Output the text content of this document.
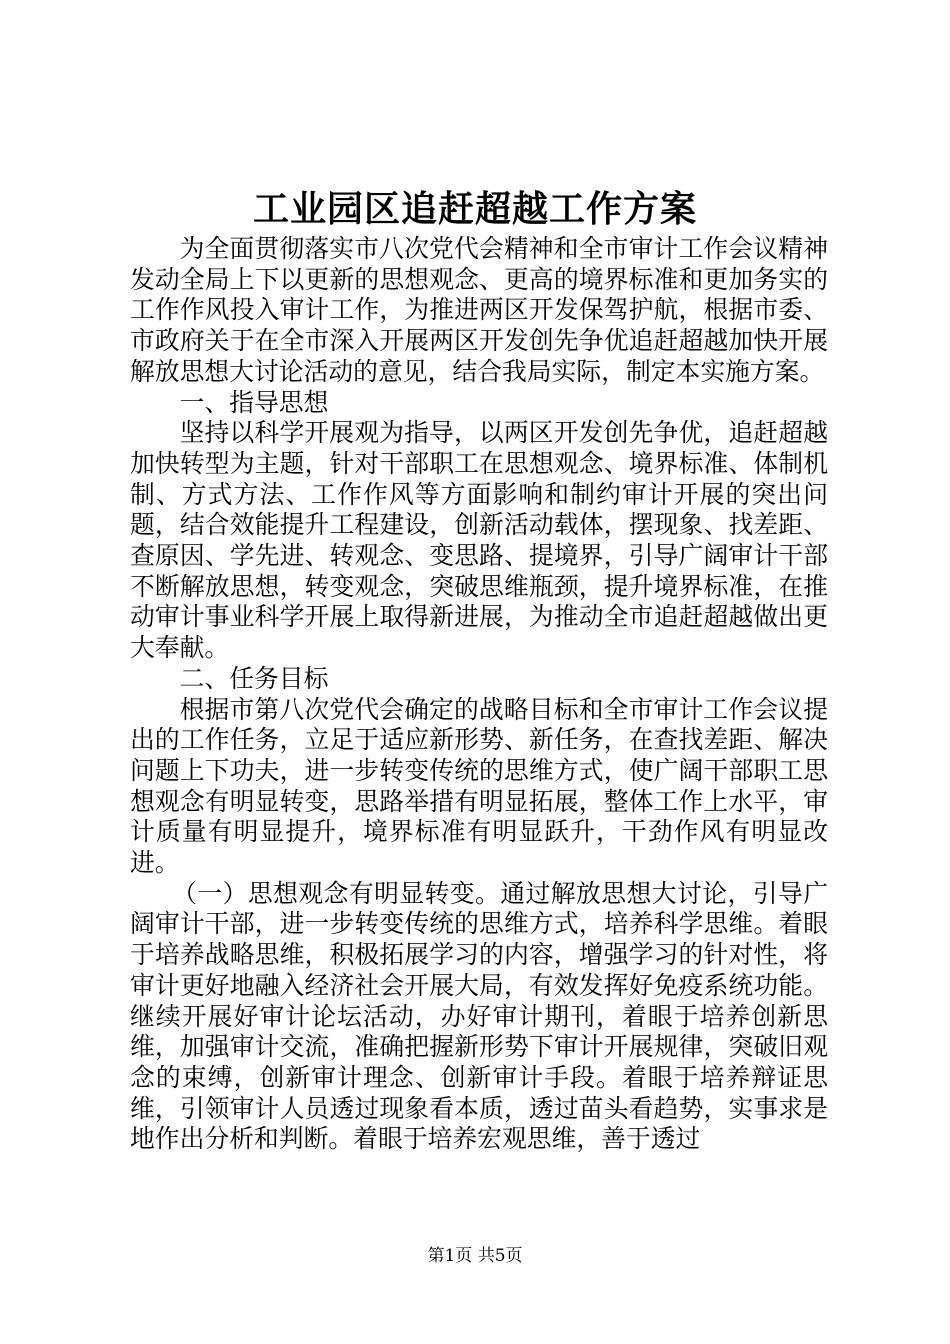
工业园区追赶超越工作方案

为全面贯彻落实市八次党代会精神和全市审计工作会议精神发动全局上下以更新的思想观念、更高的境界标准和更加务实的工作作风投入审计工作，为推进两区开发保驾护航，根据市委、市政府关于在全市深入开展两区开发创先争优追赶超越加快开展解放思想大讨论活动的意见，结合我局实际，制定本实施方案。

一、指导思想

坚持以科学开展观为指导，以两区开发创先争优，追赶超越加快转型为主题，针对干部职工在思想观念、境界标准、体制机制、方式方法、工作作风等方面影响和制约审计开展的突出问题，结合效能提升工程建设，创新活动载体，摆现象、找差距、查原因、学先进、转观念、变思路、提境界，引导广阔审计干部不断解放思想，转变观念，突破思维瓶颈，提升境界标准，在推动审计事业科学开展上取得新进展，为推动全市追赶超越做出更大奉献。

二、任务目标

根据市第八次党代会确定的战略目标和全市审计工作会议提出的工作任务，立足于适应新形势、新任务，在查找差距、解决问题上下功夫，进一步转变传统的思维方式，使广阔干部职工思想观念有明显转变，思路举措有明显拓展，整体工作上水平，审计质量有明显提升，境界标准有明显跃升，干劲作风有明显改进。

（一）思想观念有明显转变。通过解放思想大讨论，引导广阔审计干部，进一步转变传统的思维方式，培养科学思维。着眼于培养战略思维，积极拓展学习的内容，增强学习的针对性，将审计更好地融入经济社会开展大局，有效发挥好免疫系统功能。继续开展好审计论坛活动，办好审计期刊，着眼于培养创新思维，加强审计交流，准确把握新形势下审计开展规律，突破旧观念的束缚，创新审计理念、创新审计手段。着眼于培养辩证思维，引领审计人员透过现象看本质，透过苗头看趋势，实事求是地作出分析和判断。着眼于培养宏观思维，善于透过

第1页 共5页
